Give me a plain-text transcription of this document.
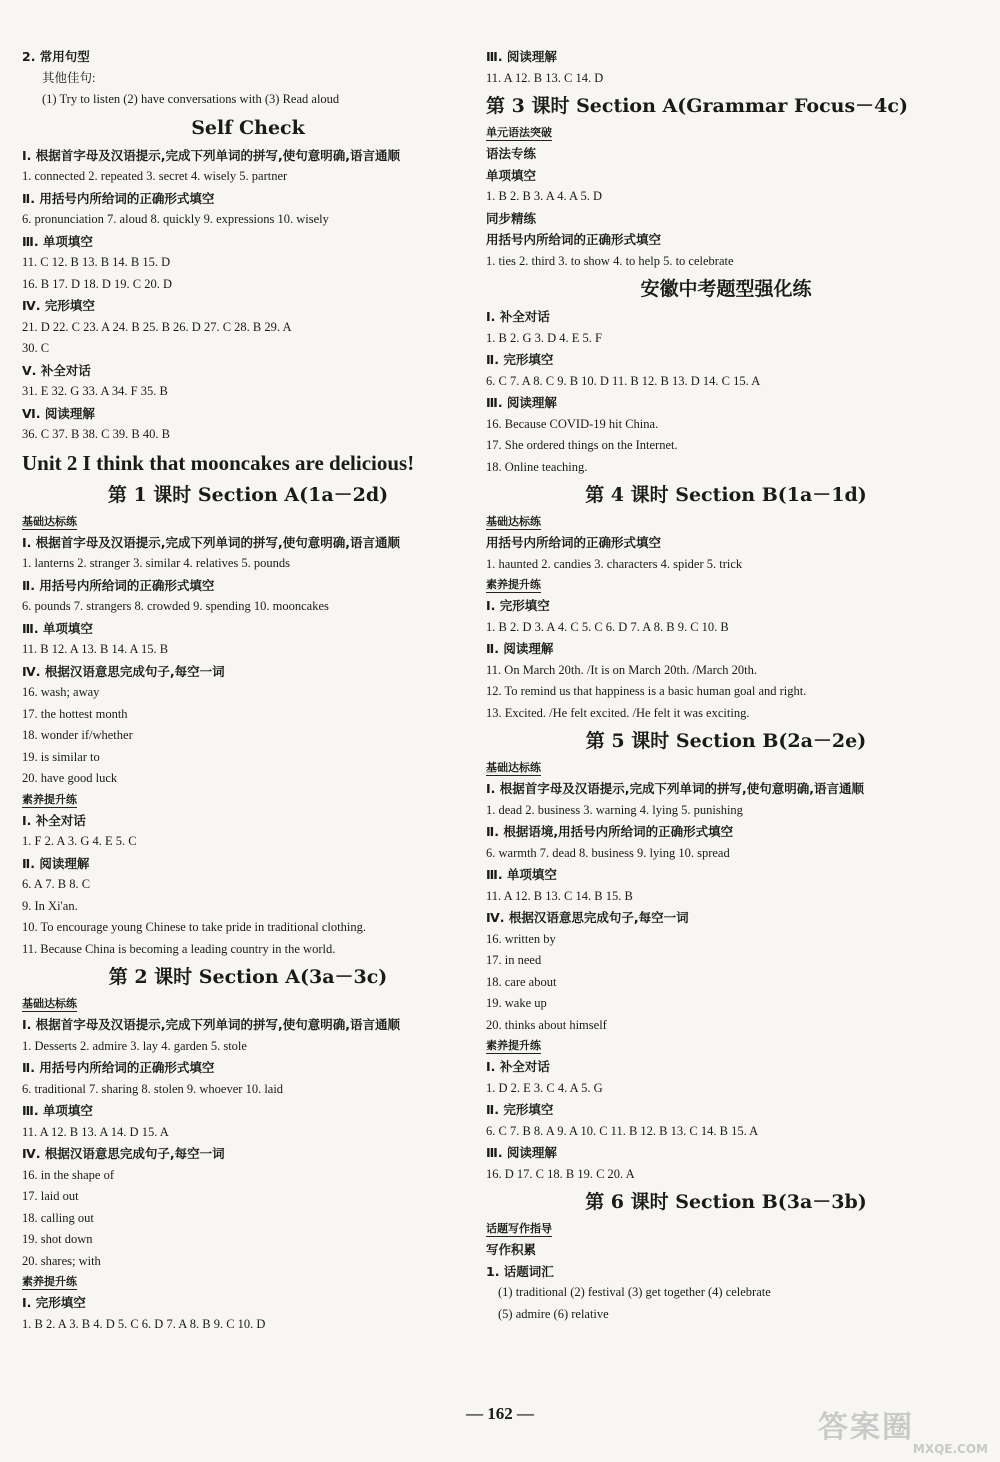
2. 常用句型
其他佳句:
(1) Try to listen (2) have conversations with (3) Read aloud
Self Check
Ⅰ. 根据首字母及汉语提示,完成下列单词的拼写,使句意明确,语言通顺
1. connected 2. repeated 3. secret 4. wisely 5. partner
Ⅱ. 用括号内所给词的正确形式填空
6. pronunciation 7. aloud 8. quickly 9. expressions 10. wisely
Ⅲ. 单项填空
11. C 12. B 13. B 14. B 15. D
16. B 17. D 18. D 19. C 20. D
Ⅳ. 完形填空
21. D 22. C 23. A 24. B 25. B 26. D 27. C 28. B 29. A
30. C
Ⅴ. 补全对话
31. E 32. G 33. A 34. F 35. B
Ⅵ. 阅读理解
36. C 37. B 38. C 39. B 40. B
Unit 2 I think that mooncakes are delicious!
第 1 课时 Section A(1a－2d)
基础达标练
Ⅰ. 根据首字母及汉语提示,完成下列单词的拼写,使句意明确,语言通顺
1. lanterns 2. stranger 3. similar 4. relatives 5. pounds
Ⅱ. 用括号内所给词的正确形式填空
6. pounds 7. strangers 8. crowded 9. spending 10. mooncakes
Ⅲ. 单项填空
11. B 12. A 13. B 14. A 15. B
Ⅳ. 根据汉语意思完成句子,每空一词
16. wash; away
17. the hottest month
18. wonder if/whether
19. is similar to
20. have good luck
素养提升练
Ⅰ. 补全对话
1. F 2. A 3. G 4. E 5. C
Ⅱ. 阅读理解
6. A 7. B 8. C
9. In Xi'an.
10. To encourage young Chinese to take pride in traditional clothing.
11. Because China is becoming a leading country in the world.
第 2 课时 Section A(3a－3c)
基础达标练
Ⅰ. 根据首字母及汉语提示,完成下列单词的拼写,使句意明确,语言通顺
1. Desserts 2. admire 3. lay 4. garden 5. stole
Ⅱ. 用括号内所给词的正确形式填空
6. traditional 7. sharing 8. stolen 9. whoever 10. laid
Ⅲ. 单项填空
11. A 12. B 13. A 14. D 15. A
Ⅳ. 根据汉语意思完成句子,每空一词
16. in the shape of
17. laid out
18. calling out
19. shot down
20. shares; with
素养提升练
Ⅰ. 完形填空
1. B 2. A 3. B 4. D 5. C 6. D 7. A 8. B 9. C 10. D
Ⅲ. 阅读理解
11. A 12. B 13. C 14. D
第 3 课时 Section A(Grammar Focus－4c)
单元语法突破
语法专练
单项填空
1. B 2. B 3. A 4. A 5. D
同步精练
用括号内所给词的正确形式填空
1. ties 2. third 3. to show 4. to help 5. to celebrate
安徽中考题型强化练
Ⅰ. 补全对话
1. B 2. G 3. D 4. E 5. F
Ⅱ. 完形填空
6. C 7. A 8. C 9. B 10. D 11. B 12. B 13. D 14. C 15. A
Ⅲ. 阅读理解
16. Because COVID-19 hit China.
17. She ordered things on the Internet.
18. Online teaching.
第 4 课时 Section B(1a－1d)
基础达标练
用括号内所给词的正确形式填空
1. haunted 2. candies 3. characters 4. spider 5. trick
素养提升练
Ⅰ. 完形填空
1. B 2. D 3. A 4. C 5. C 6. D 7. A 8. B 9. C 10. B
Ⅱ. 阅读理解
11. On March 20th. /It is on March 20th. /March 20th.
12. To remind us that happiness is a basic human goal and right.
13. Excited. /He felt excited. /He felt it was exciting.
第 5 课时 Section B(2a－2e)
基础达标练
Ⅰ. 根据首字母及汉语提示,完成下列单词的拼写,使句意明确,语言通顺
1. dead 2. business 3. warning 4. lying 5. punishing
Ⅱ. 根据语境,用括号内所给词的正确形式填空
6. warmth 7. dead 8. business 9. lying 10. spread
Ⅲ. 单项填空
11. A 12. B 13. C 14. B 15. B
Ⅳ. 根据汉语意思完成句子,每空一词
16. written by
17. in need
18. care about
19. wake up
20. thinks about himself
素养提升练
Ⅰ. 补全对话
1. D 2. E 3. C 4. A 5. G
Ⅱ. 完形填空
6. C 7. B 8. A 9. A 10. C 11. B 12. B 13. C 14. B 15. A
Ⅲ. 阅读理解
16. D 17. C 18. B 19. C 20. A
第 6 课时 Section B(3a－3b)
话题写作指导
写作积累
1. 话题词汇
(1) traditional (2) festival (3) get together (4) celebrate
(5) admire (6) relative
— 162 —	答案圈
MXQE.COM
